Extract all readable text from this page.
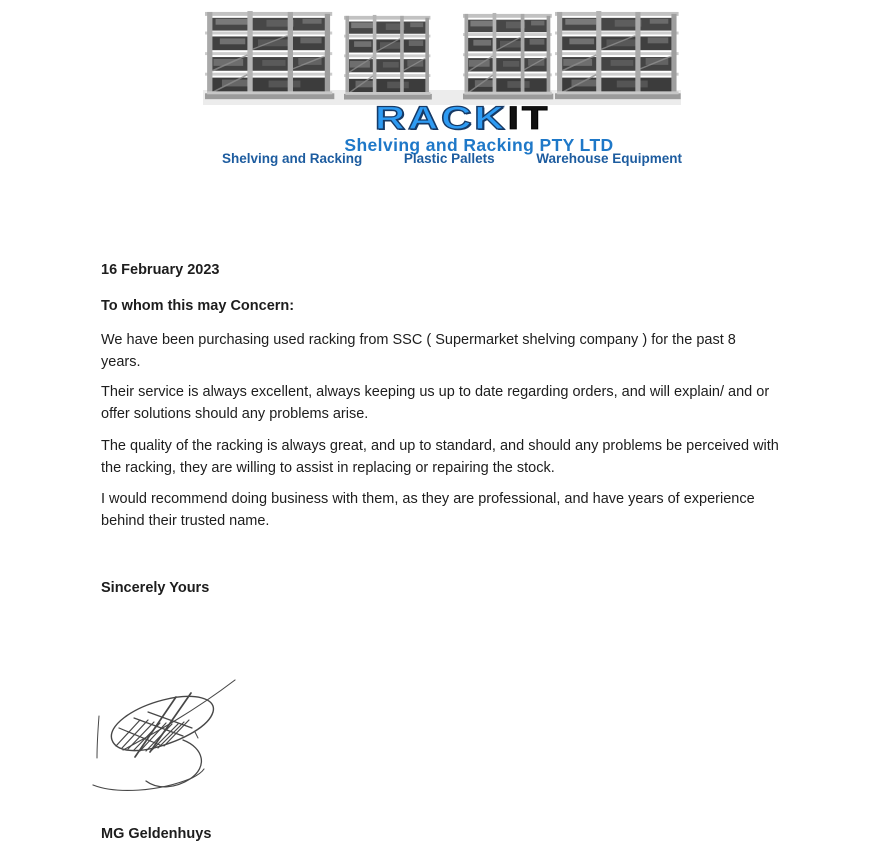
RACKIT
Shelving and Racking PTY LTD
Shelving and Racking	Plastic Pallets	Warehouse Equipment
16 February 2023
To whom this may Concern:
We have been purchasing used racking from SSC ( Supermarket shelving company ) for the past 8
years.
Their service is always excellent, always keeping us up to date regarding orders, and will explain/ and or
offer solutions should any problems arise.
The quality of the racking is always great, and up to standard, and should any problems be perceived with
the racking, they are willing to assist in replacing or repairing the stock.
I would recommend doing business with them, as they are professional, and have years of experience
behind their trusted name.
Sincerely Yours
MG Geldenhuys
